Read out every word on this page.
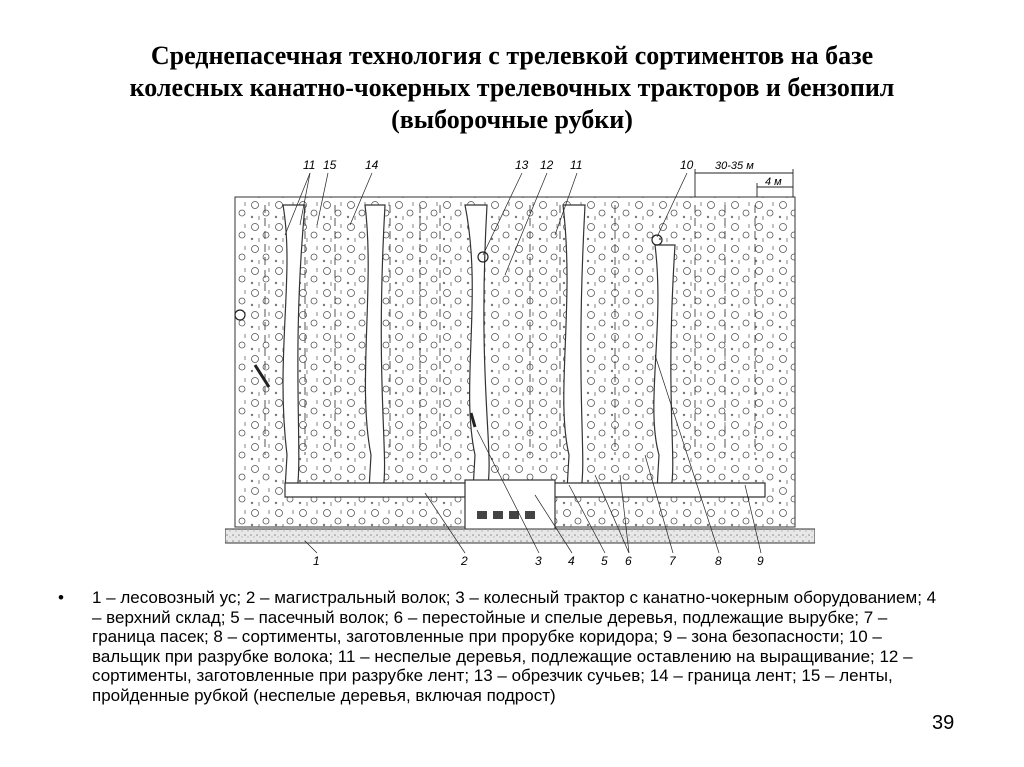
Среднепасечная технология с трелевкой сортиментов на базе
колесных канатно-чокерных трелевочных тракторов и бензопил
(выборочные рубки)
30-35 м
4 м
11 15 14	13 12 11	10
1	2	3 4 5 6	7	8	9
• 1 – лесовозный ус; 2 – магистральный волок; 3 – колесный трактор с канатно-чокерным оборудованием; 4 – верхний склад; 5 – пасечный волок; 6 – перестойные и спелые деревья, подлежащие вырубке; 7 – граница пасек; 8 – сортименты, заготовленные при прорубке коридора; 9 – зона безопасности; 10 – вальщик при разрубке волока; 11 – неспелые деревья, подлежащие оставлению на выращивание; 12 – сортименты, заготовленные при разрубке лент; 13 – обрезчик сучьев; 14 – граница лент; 15 – ленты, пройденные рубкой (неспелые деревья, включая подрост)
39
